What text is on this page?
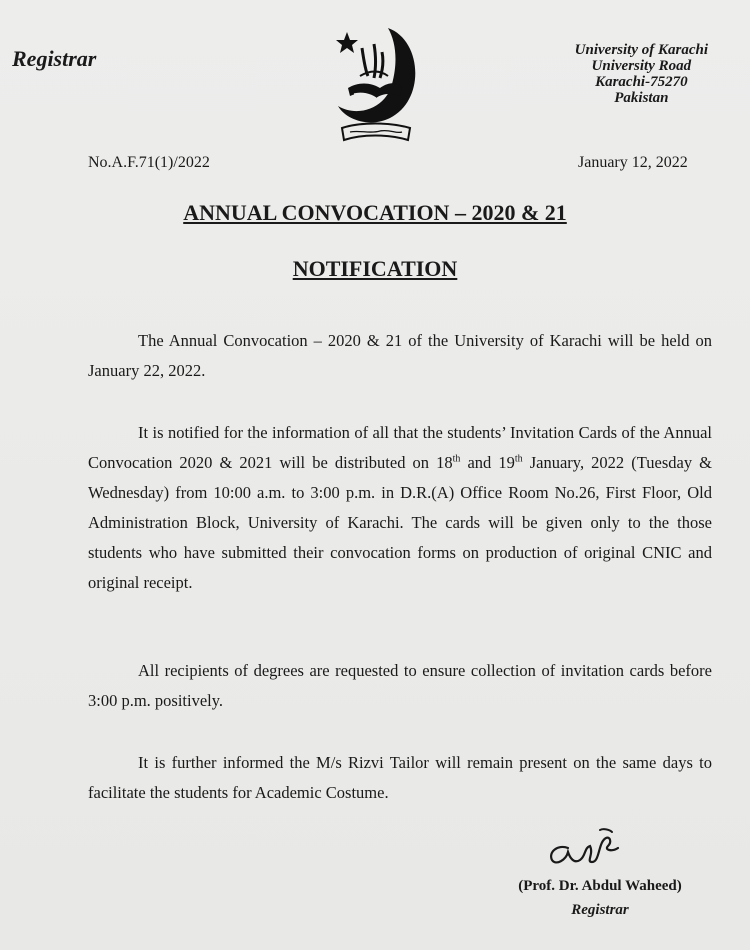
Registrar	University of Karachi
University Road
Karachi-75270
Pakistan
No.A.F.71(1)/2022	January 12, 2022
ANNUAL CONVOCATION – 2020 & 21
NOTIFICATION

The Annual Convocation – 2020 & 21 of the University of Karachi will be held on January 22, 2022.

It is notified for the information of all that the students’ Invitation Cards of the Annual Convocation 2020 & 2021 will be distributed on 18th and 19th January, 2022 (Tuesday & Wednesday) from 10:00 a.m. to 3:00 p.m. in D.R.(A) Office Room No.26, First Floor, Old Administration Block, University of Karachi. The cards will be given only to the those students who have submitted their convocation forms on production of original CNIC and original receipt.

All recipients of degrees are requested to ensure collection of invitation cards before 3:00 p.m. positively.

It is further informed the M/s Rizvi Tailor will remain present on the same days to facilitate the students for Academic Costume.

(Prof. Dr. Abdul Waheed)
Registrar
